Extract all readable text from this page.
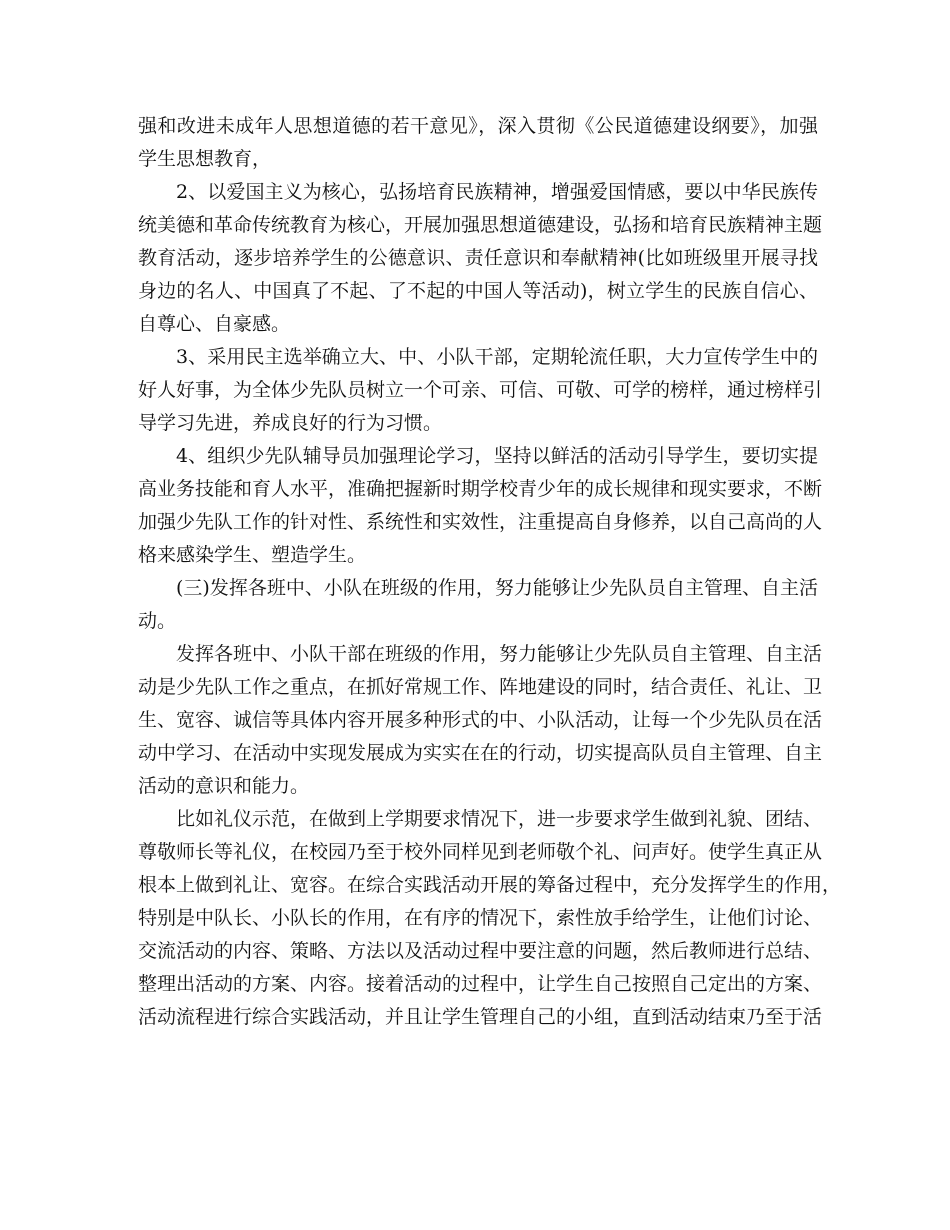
强和改进未成年人思想道德的若干意见》，深入贯彻《公民道德建设纲要》，加强
学生思想教育，
2、以爱国主义为核心，弘扬培育民族精神，增强爱国情感，要以中华民族传
统美德和革命传统教育为核心，开展加强思想道德建设，弘扬和培育民族精神主题
教育活动，逐步培养学生的公德意识、责任意识和奉献精神(比如班级里开展寻找
身边的名人、中国真了不起、了不起的中国人等活动)，树立学生的民族自信心、
自尊心、自豪感。
3、采用民主选举确立大、中、小队干部，定期轮流任职，大力宣传学生中的
好人好事，为全体少先队员树立一个可亲、可信、可敬、可学的榜样，通过榜样引
导学习先进，养成良好的行为习惯。
4、组织少先队辅导员加强理论学习，坚持以鲜活的活动引导学生，要切实提
高业务技能和育人水平，准确把握新时期学校青少年的成长规律和现实要求，不断
加强少先队工作的针对性、系统性和实效性，注重提高自身修养，以自己高尚的人
格来感染学生、塑造学生。
(三)发挥各班中、小队在班级的作用，努力能够让少先队员自主管理、自主活
动。
发挥各班中、小队干部在班级的作用，努力能够让少先队员自主管理、自主活
动是少先队工作之重点，在抓好常规工作、阵地建设的同时，结合责任、礼让、卫
生、宽容、诚信等具体内容开展多种形式的中、小队活动，让每一个少先队员在活
动中学习、在活动中实现发展成为实实在在的行动，切实提高队员自主管理、自主
活动的意识和能力。
比如礼仪示范，在做到上学期要求情况下，进一步要求学生做到礼貌、团结、
尊敬师长等礼仪，在校园乃至于校外同样见到老师敬个礼、问声好。使学生真正从
根本上做到礼让、宽容。在综合实践活动开展的筹备过程中，充分发挥学生的作用，
特别是中队长、小队长的作用，在有序的情况下，索性放手给学生，让他们讨论、
交流活动的内容、策略、方法以及活动过程中要注意的问题，然后教师进行总结、
整理出活动的方案、内容。接着活动的过程中，让学生自己按照自己定出的方案、
活动流程进行综合实践活动，并且让学生管理自己的小组，直到活动结束乃至于活
